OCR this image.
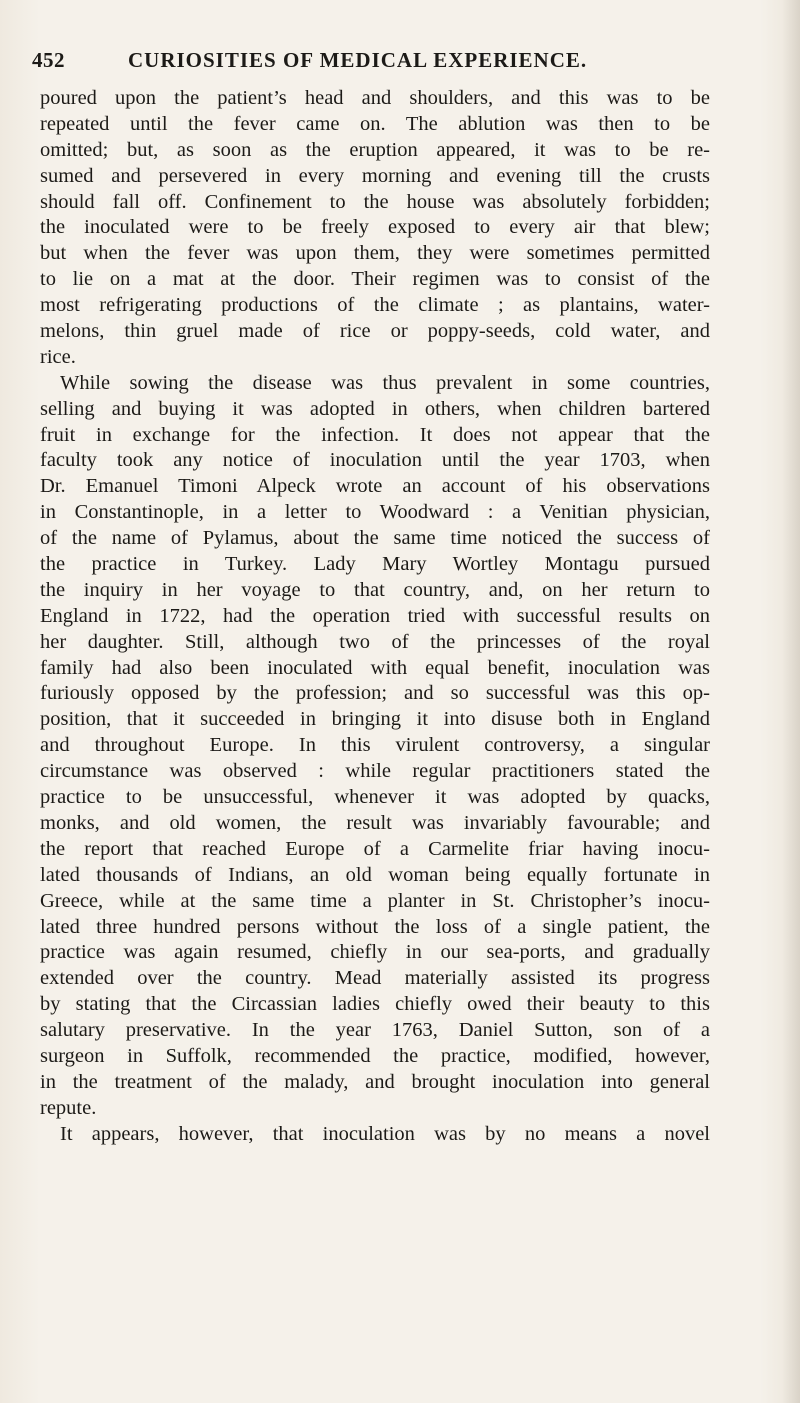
452	CURIOSITIES OF MEDICAL EXPERIENCE.
poured upon the patient’s head and shoulders, and this was to be
repeated until the fever came on. The ablution was then to be
omitted; but, as soon as the eruption appeared, it was to be re-
sumed and persevered in every morning and evening till the crusts
should fall off. Confinement to the house was absolutely forbidden;
the inoculated were to be freely exposed to every air that blew;
but when the fever was upon them, they were sometimes permitted
to lie on a mat at the door. Their regimen was to consist of the
most refrigerating productions of the climate ; as plantains, water-
melons, thin gruel made of rice or poppy-seeds, cold water, and
rice.
While sowing the disease was thus prevalent in some countries,
selling and buying it was adopted in others, when children bartered
fruit in exchange for the infection. It does not appear that the
faculty took any notice of inoculation until the year 1703, when
Dr. Emanuel Timoni Alpeck wrote an account of his observations
in Constantinople, in a letter to Woodward : a Venitian physician,
of the name of Pylamus, about the same time noticed the success of
the practice in Turkey. Lady Mary Wortley Montagu pursued
the inquiry in her voyage to that country, and, on her return to
England in 1722, had the operation tried with successful results on
her daughter. Still, although two of the princesses of the royal
family had also been inoculated with equal benefit, inoculation was
furiously opposed by the profession; and so successful was this op-
position, that it succeeded in bringing it into disuse both in England
and throughout Europe. In this virulent controversy, a singular
circumstance was observed : while regular practitioners stated the
practice to be unsuccessful, whenever it was adopted by quacks,
monks, and old women, the result was invariably favourable; and
the report that reached Europe of a Carmelite friar having inocu-
lated thousands of Indians, an old woman being equally fortunate in
Greece, while at the same time a planter in St. Christopher’s inocu-
lated three hundred persons without the loss of a single patient, the
practice was again resumed, chiefly in our sea-ports, and gradually
extended over the country. Mead materially assisted its progress
by stating that the Circassian ladies chiefly owed their beauty to this
salutary preservative. In the year 1763, Daniel Sutton, son of a
surgeon in Suffolk, recommended the practice, modified, however,
in the treatment of the malady, and brought inoculation into general
repute.
It appears, however, that inoculation was by no means a novel
